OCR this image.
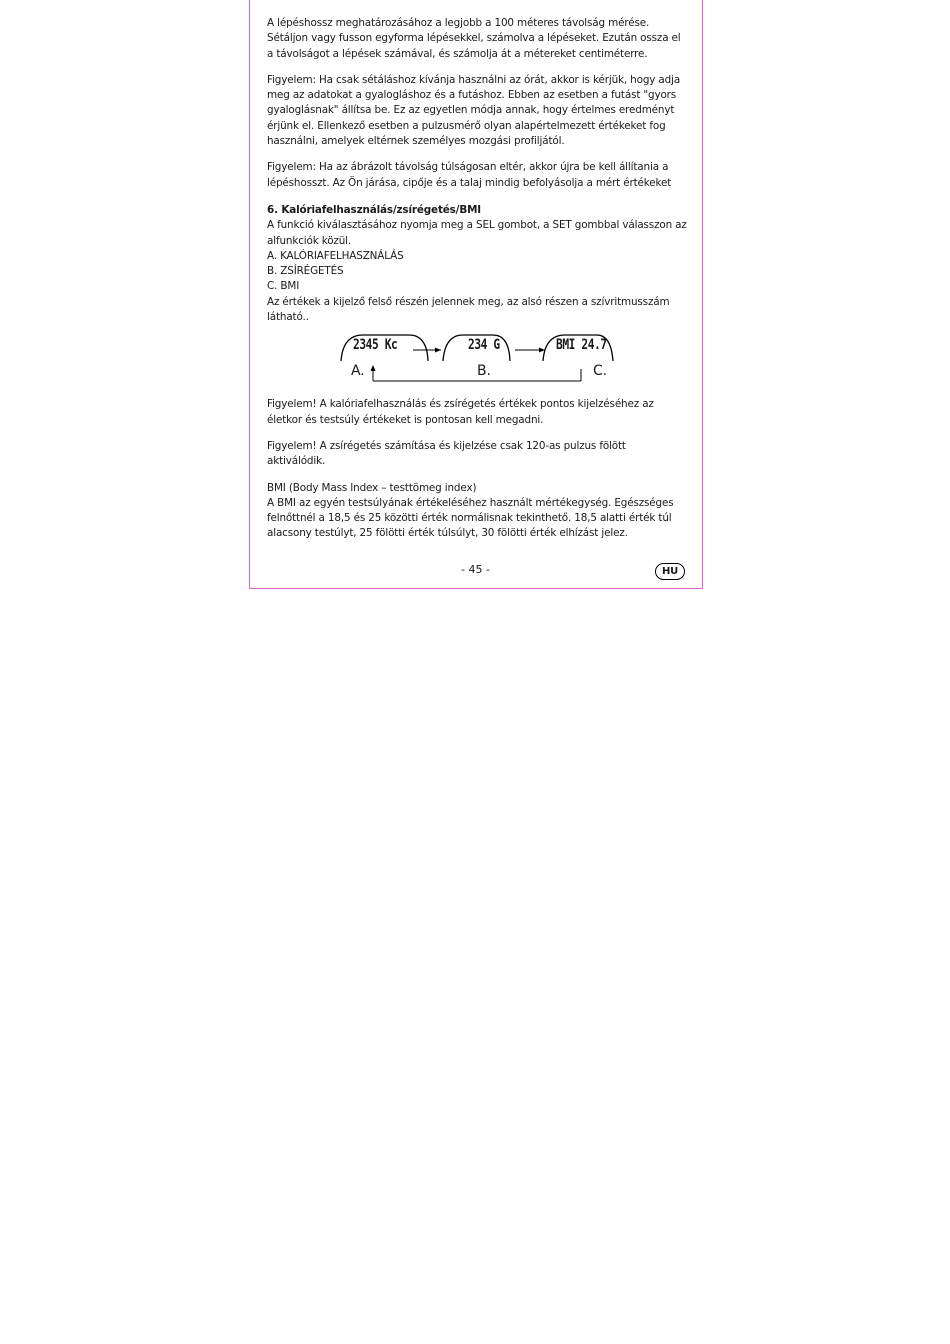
A lépéshossz meghatározásához a legjobb a 100 méteres távolság mérése. Sétáljon vagy fusson egyforma lépésekkel, számolva a lépéseket. Ezután ossza el a távolságot a lépések számával, és számolja át a métereket centiméterre.

Figyelem: Ha csak sétáláshoz kívánja használni az órát, akkor is kérjük, hogy adja meg az adatokat a gyalogláshoz és a futáshoz. Ebben az esetben a futást "gyors gyaloglásnak" állítsa be. Ez az egyetlen módja annak, hogy értelmes eredményt érjünk el. Ellenkező esetben a pulzusmérő olyan alapértelmezett értékeket fog használni, amelyek eltérnek személyes mozgási profiljától.

Figyelem: Ha az ábrázolt távolság túlságosan eltér, akkor újra be kell állítania a lépéshosszt. Az Ön járása, cipője és a talaj mindig befolyásolja a mért értékeket

6. Kalóriafelhasználás/zsírégetés/BMI

A funkció kiválasztásához nyomja meg a SEL gombot, a SET gombbal válasszon az alfunkciók közül.

A. KALÓRIAFELHASZNÁLÁS

B. ZSÍRÉGETÉS

C. BMI

Az értékek a kijelző felső részén jelennek meg, az alsó részen a szívritmusszám látható..

2345 Kc	234 G	BMI 24.7
A.	B.	C.

Figyelem! A kalóriafelhasználás és zsírégetés értékek pontos kijelzéséhez az életkor és testsúly értékeket is pontosan kell megadni.

Figyelem! A zsírégetés számítása és kijelzése csak 120-as pulzus fölött aktiválódik.

BMI (Body Mass Index – testtömeg index)

A BMI az egyén testsúlyának értékeléséhez használt mértékegység. Egészséges felnőttnél a 18,5 és 25 közötti érték normálisnak tekinthető. 18,5 alatti érték túl alacsony testúlyt, 25 fölötti érték túlsúlyt, 30 fölötti érték elhízást jelez.

- 45 -	HU
